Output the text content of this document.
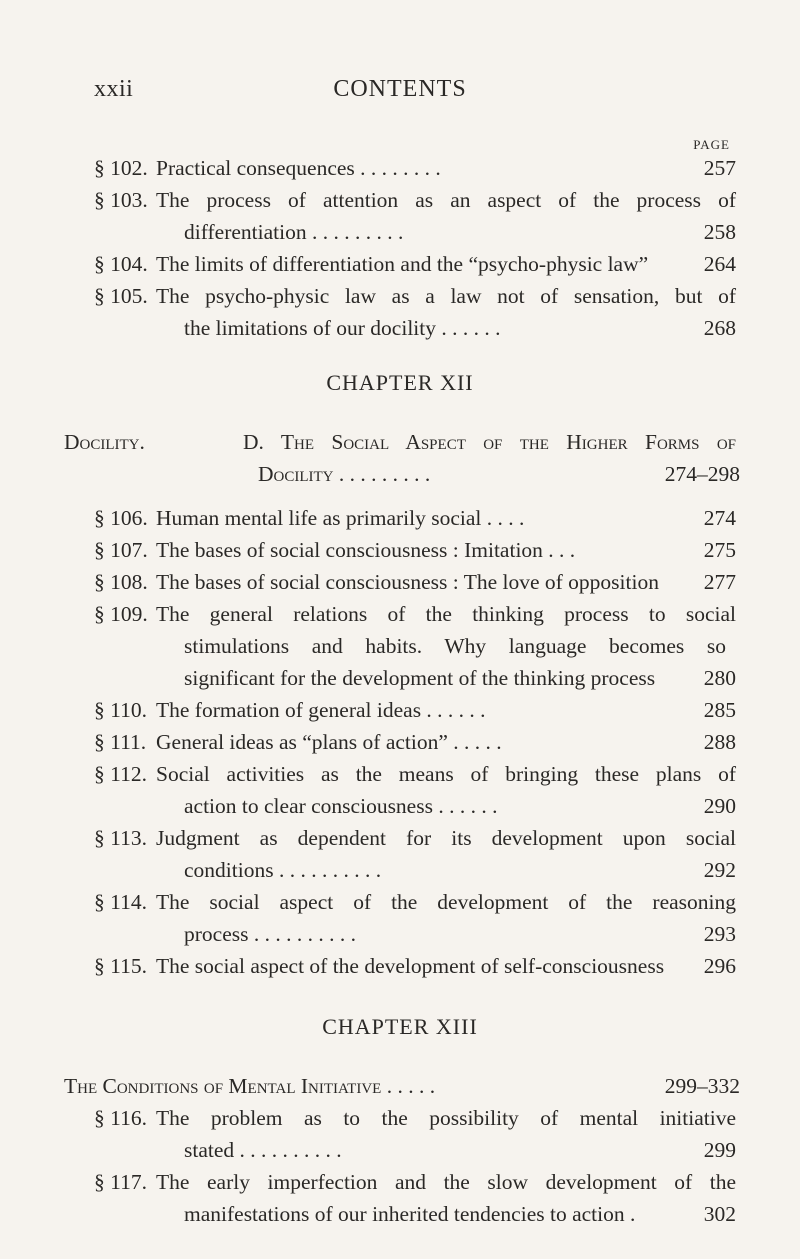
xxii	CONTENTS
PAGE
§ 102. Practical consequences . . . . . . . .	257
§ 103. The process of attention as an aspect of the process of
differentiation . . . . . . . . .	258
§ 104. The limits of differentiation and the “psycho-physic law”	264
§ 105. The psycho-physic law as a law not of sensation, but of
the limitations of our docility . . . . . .	268
CHAPTER XII
Docility.	D. The Social Aspect of the Higher Forms of
Docility . . . . . . . . .	274–298
§ 106. Human mental life as primarily social . . . .	274
§ 107. The bases of social consciousness : Imitation . . .	275
§ 108. The bases of social consciousness : The love of opposition 277
§ 109. The general relations of the thinking process to social
stimulations and habits. Why language becomes so
significant for the development of the thinking process 280
§ 110. The formation of general ideas . . . . . .	285
§ 111. General ideas as “plans of action” . . . . .	288
§ 112. Social activities as the means of bringing these plans of
action to clear consciousness . . . . . .	290
§ 113. Judgment as dependent for its development upon social
conditions . . . . . . . . . .	292
§ 114. The social aspect of the development of the reasoning
process . . . . . . . . . .	293
§ 115. The social aspect of the development of self-consciousness 296
CHAPTER XIII
The Conditions of Mental Initiative . . . . .	299–332
§ 116. The problem as to the possibility of mental initiative
stated . . . . . . . . . .	299
§ 117. The early imperfection and the slow development of the
manifestations of our inherited tendencies to action .	302
